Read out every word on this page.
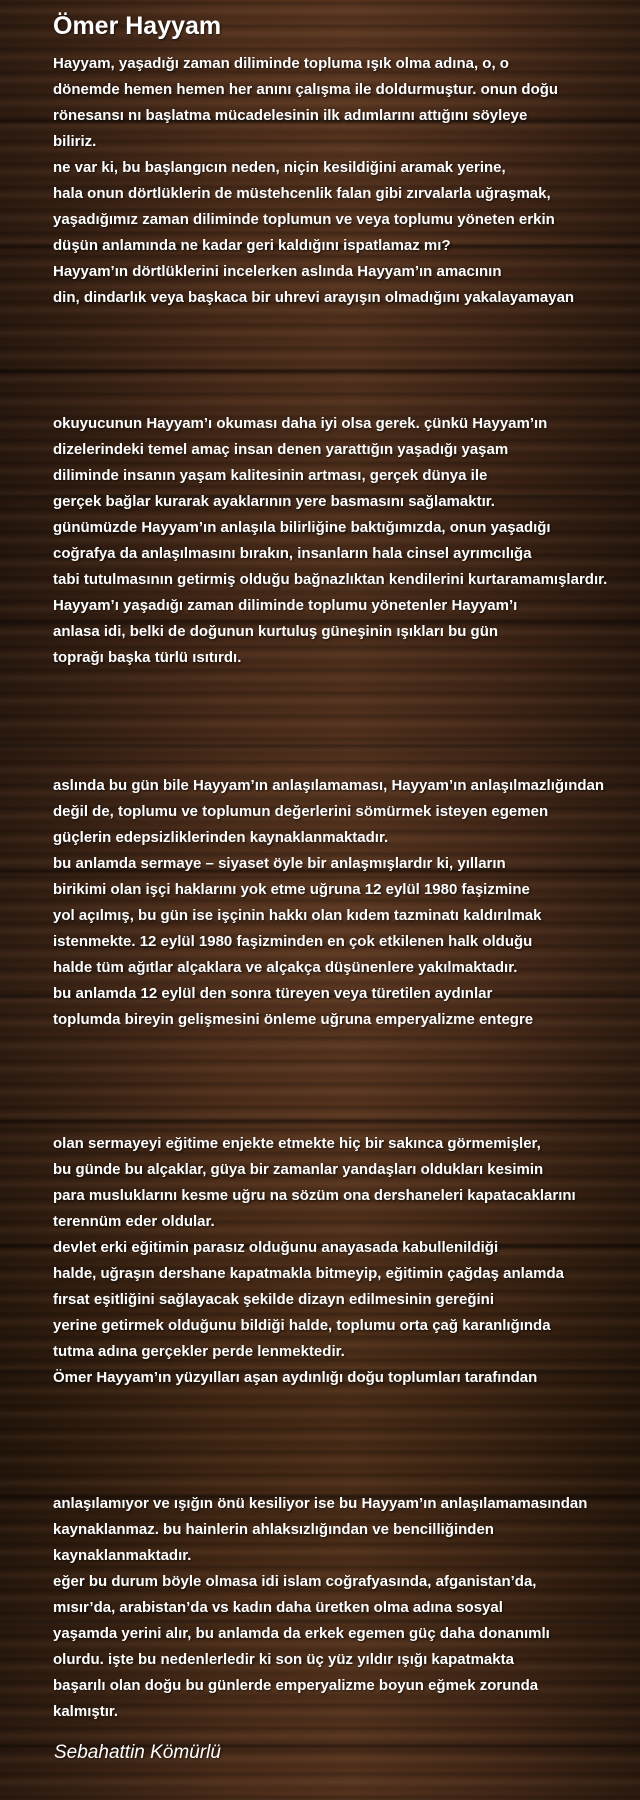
Ömer Hayyam
Hayyam, yaşadığı zaman diliminde topluma ışık olma adına, o, o
dönemde hemen hemen her anını çalışma ile doldurmuştur. onun doğu
rönesansı nı başlatma mücadelesinin ilk adımlarını attığını söyleye
biliriz.
ne var ki, bu başlangıcın neden, niçin kesildiğini aramak yerine,
hala onun dörtlüklerin de müstehcenlik falan gibi zırvalarla uğraşmak,
yaşadığımız zaman diliminde toplumun ve veya toplumu yöneten erkin
düşün anlamında ne kadar geri kaldığını ispatlamaz mı?
Hayyam’ın dörtlüklerini incelerken aslında Hayyam’ın amacının
din, dindarlık veya başkaca bir uhrevi arayışın olmadığını yakalayamayan
okuyucunun Hayyam’ı okuması daha iyi olsa gerek. çünkü Hayyam’ın
dizelerindeki temel amaç insan denen yarattığın yaşadığı yaşam
diliminde insanın yaşam kalitesinin artması, gerçek dünya ile
gerçek bağlar kurarak ayaklarının yere basmasını sağlamaktır.
günümüzde Hayyam’ın anlaşıla bilirliğine baktığımızda, onun yaşadığı
coğrafya da anlaşılmasını bırakın, insanların hala cinsel ayrımcılığa
tabi tutulmasının getirmiş olduğu bağnazlıktan kendilerini kurtaramamışlardır.
Hayyam’ı yaşadığı zaman diliminde toplumu yönetenler Hayyam’ı
anlasa idi, belki de doğunun kurtuluş güneşinin ışıkları bu gün
toprağı başka türlü ısıtırdı.
aslında bu gün bile Hayyam’ın anlaşılamaması, Hayyam’ın anlaşılmazlığından
değil de, toplumu ve toplumun değerlerini sömürmek isteyen egemen
güçlerin edepsizliklerinden kaynaklanmaktadır.
bu anlamda sermaye – siyaset öyle bir anlaşmışlardır ki, yılların
birikimi olan işçi haklarını yok etme uğruna 12 eylül 1980 faşizmine
yol açılmış, bu gün ise işçinin hakkı olan kıdem tazminatı kaldırılmak
istenmekte. 12 eylül 1980 faşizminden en çok etkilenen halk olduğu
halde tüm ağıtlar alçaklara ve alçakça düşünenlere yakılmaktadır.
bu anlamda 12 eylül den sonra türeyen veya türetilen aydınlar
toplumda bireyin gelişmesini önleme uğruna emperyalizme entegre
olan sermayeyi eğitime enjekte etmekte hiç bir sakınca görmemişler,
bu günde bu alçaklar, güya bir zamanlar yandaşları oldukları kesimin
para musluklarını kesme uğru na sözüm ona dershaneleri kapatacaklarını
terennüm eder oldular.
devlet erki eğitimin parasız olduğunu anayasada kabullenildiği
halde, uğraşın dershane kapatmakla bitmeyip, eğitimin çağdaş anlamda
fırsat eşitliğini sağlayacak şekilde dizayn edilmesinin gereğini
yerine getirmek olduğunu bildiği halde, toplumu orta çağ karanlığında
tutma adına gerçekler perde lenmektedir.
Ömer Hayyam’ın yüzyılları aşan aydınlığı doğu toplumları tarafından
anlaşılamıyor ve ışığın önü kesiliyor ise bu Hayyam’ın anlaşılamamasından
kaynaklanmaz. bu hainlerin ahlaksızlığından ve bencilliğinden
kaynaklanmaktadır.
eğer bu durum böyle olmasa idi islam coğrafyasında, afganistan’da,
mısır’da, arabistan’da vs kadın daha üretken olma adına sosyal
yaşamda yerini alır, bu anlamda da erkek egemen güç daha donanımlı
olurdu. işte bu nedenlerledir ki son üç yüz yıldır ışığı kapatmakta
başarılı olan doğu bu günlerde emperyalizme boyun eğmek zorunda
kalmıştır.
Sebahattin Kömürlü
